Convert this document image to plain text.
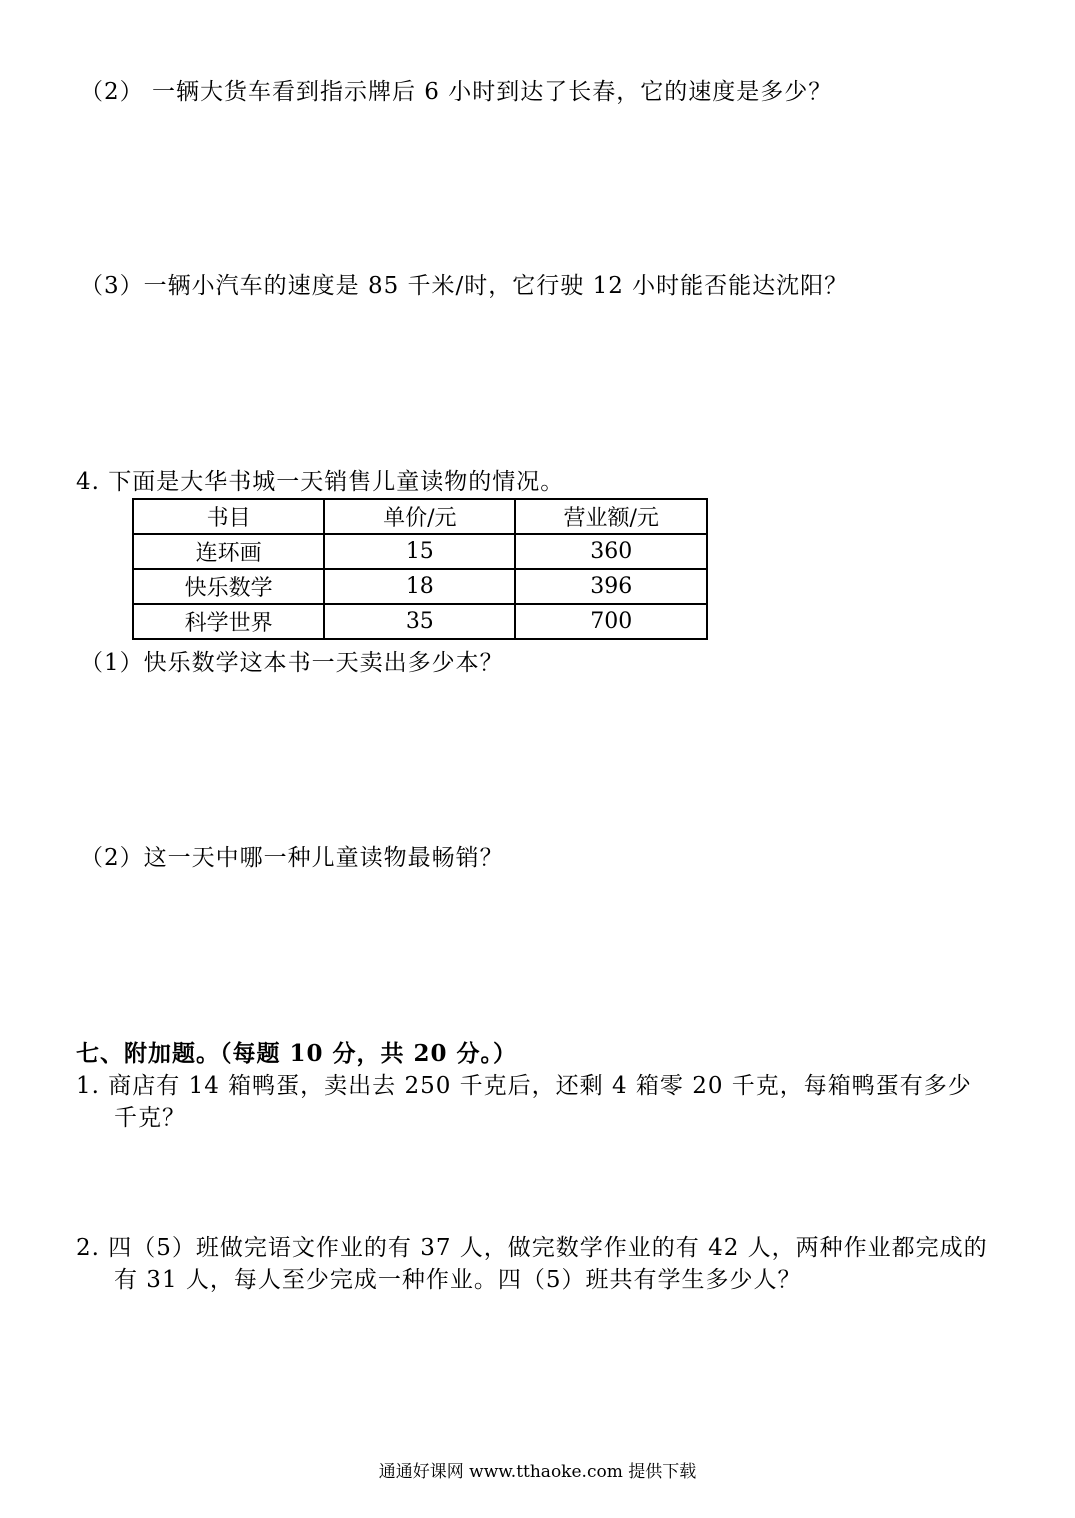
（2） 一辆大货车看到指示牌后 6 小时到达了长春，它的速度是多少？
（3）一辆小汽车的速度是 85 千米/时，它行驶 12 小时能否能达沈阳？
4. 下面是大华书城一天销售儿童读物的情况。
书目	单价/元	营业额/元
连环画	15	360
快乐数学	18	396
科学世界	35	700
（1）快乐数学这本书一天卖出多少本？
（2）这一天中哪一种儿童读物最畅销？
七、附加题。（每题 10 分，共 20 分。）
1. 商店有 14 箱鸭蛋，卖出去 250 千克后，还剩 4 箱零 20 千克，每箱鸭蛋有多少
千克？
2. 四（5）班做完语文作业的有 37 人，做完数学作业的有 42 人，两种作业都完成的
有 31 人，每人至少完成一种作业。四（5）班共有学生多少人？
通通好课网 www.tthaoke.com 提供下载
